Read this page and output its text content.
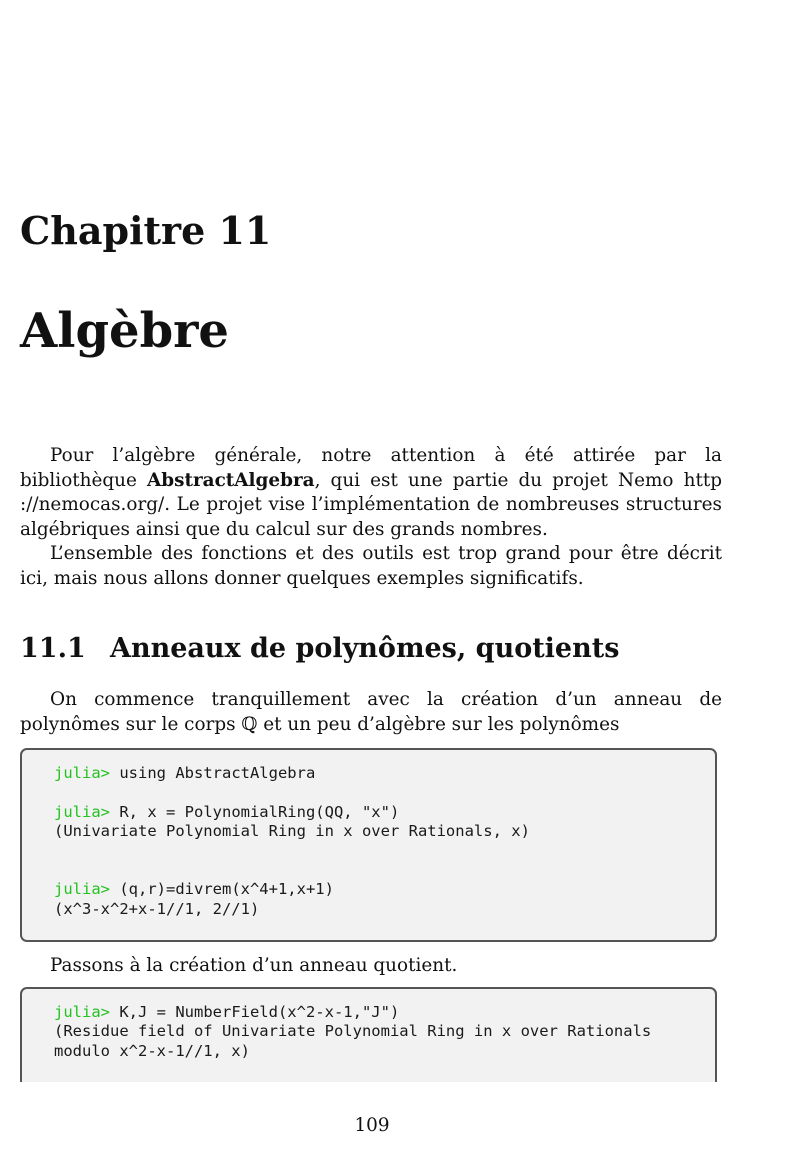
Chapitre 11
Algèbre

Pour l’algèbre générale, notre attention à été attirée par la bibliothèque AbstractAlgebra, qui est une partie du projet Nemo http ://nemocas.org/. Le projet vise l’implémentation de nombreuses structures algébriques ainsi que du calcul sur des grands nombres.

L’ensemble des fonctions et des outils est trop grand pour être décrit ici, mais nous allons donner quelques exemples significatifs.

11.1 Anneaux de polynômes, quotients

On commence tranquillement avec la création d’un anneau de polynômes sur le corps ℚ et un peu d’algèbre sur les polynômes

julia> using AbstractAlgebra
julia> R, x = PolynomialRing(QQ, "x")
(Univariate Polynomial Ring in x over Rationals, x)
julia> (q,r)=divrem(x^4+1,x+1)
(x^3-x^2+x-1//1, 2//1)

Passons à la création d’un anneau quotient.

julia> K,J = NumberField(x^2-x-1,"J")
(Residue field of Univariate Polynomial Ring in x over Rationals
modulo x^2-x-1//1, x)
109
